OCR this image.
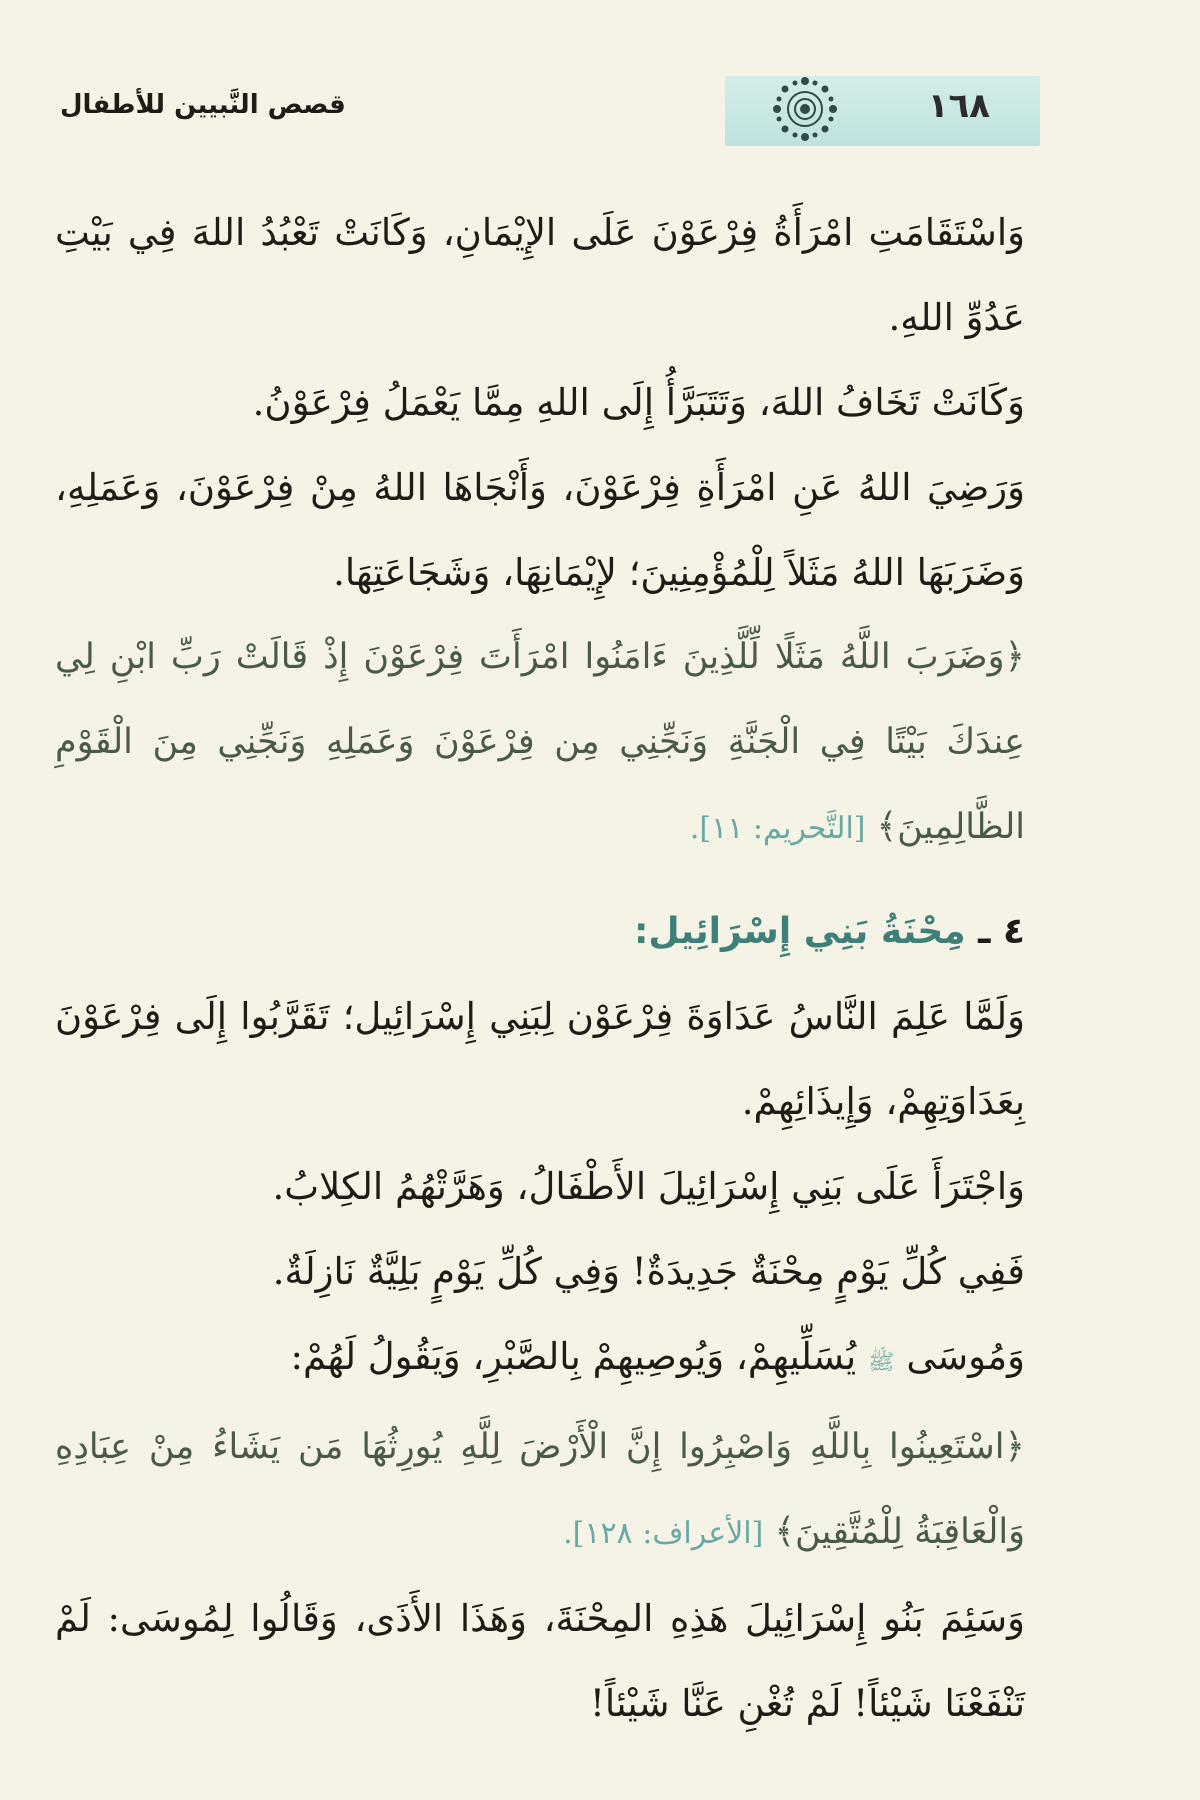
١٦٨
قصص النَّبيين للأطفال

وَاسْتَقَامَتِ امْرَأَةُ فِرْعَوْنَ عَلَى الإِيْمَانِ، وَكَانَتْ تَعْبُدُ اللهَ فِي بَيْتِ عَدُوِّ اللهِ.

وَكَانَتْ تَخَافُ اللهَ، وَتَتَبَرَّأُ إِلَى اللهِ مِمَّا يَعْمَلُ فِرْعَوْنُ.

وَرَضِيَ اللهُ عَنِ امْرَأَةِ فِرْعَوْنَ، وَأَنْجَاهَا اللهُ مِنْ فِرْعَوْنَ، وَعَمَلِهِ، وَضَرَبَهَا اللهُ مَثَلاً لِلْمُؤْمِنِينَ؛ لإِيْمَانِهَا، وَشَجَاعَتِهَا.

﴿وَضَرَبَ اللَّهُ مَثَلًا لِّلَّذِينَ ءَامَنُوا امْرَأَتَ فِرْعَوْنَ إِذْ قَالَتْ رَبِّ ابْنِ لِي عِندَكَ بَيْتًا فِي الْجَنَّةِ وَنَجِّنِي مِن فِرْعَوْنَ وَعَمَلِهِ وَنَجِّنِي مِنَ الْقَوْمِ الظَّالِمِينَ﴾ [التَّحريم: ١١].

٤ ـ مِحْنَةُ بَنِي إِسْرَائِيل:

وَلَمَّا عَلِمَ النَّاسُ عَدَاوَةَ فِرْعَوْن لِبَنِي إِسْرَائِيل؛ تَقَرَّبُوا إِلَى فِرْعَوْنَ بِعَدَاوَتِهِمْ، وَإِيذَائِهِمْ.

وَاجْتَرَأَ عَلَى بَنِي إِسْرَائِيلَ الأَطْفَالُ، وَهَرَّتْهُمُ الكِلابُ.

فَفِي كُلِّ يَوْمٍ مِحْنَةٌ جَدِيدَةٌ! وَفِي كُلِّ يَوْمٍ بَلِيَّةٌ نَازِلَةٌ.

وَمُوسَى ﷺ يُسَلِّيهِمْ، وَيُوصِيهِمْ بِالصَّبْرِ، وَيَقُولُ لَهُمْ:

﴿اسْتَعِينُوا بِاللَّهِ وَاصْبِرُوا إِنَّ الْأَرْضَ لِلَّهِ يُورِثُهَا مَن يَشَاءُ مِنْ عِبَادِهِ وَالْعَاقِبَةُ لِلْمُتَّقِينَ﴾ [الأعراف: ١٢٨].

وَسَئِمَ بَنُو إِسْرَائِيلَ هَذِهِ المِحْنَةَ، وَهَذَا الأَذَى، وَقَالُوا لِمُوسَى: لَمْ تَنْفَعْنَا شَيْئاً! لَمْ تُغْنِ عَنَّا شَيْئاً!
